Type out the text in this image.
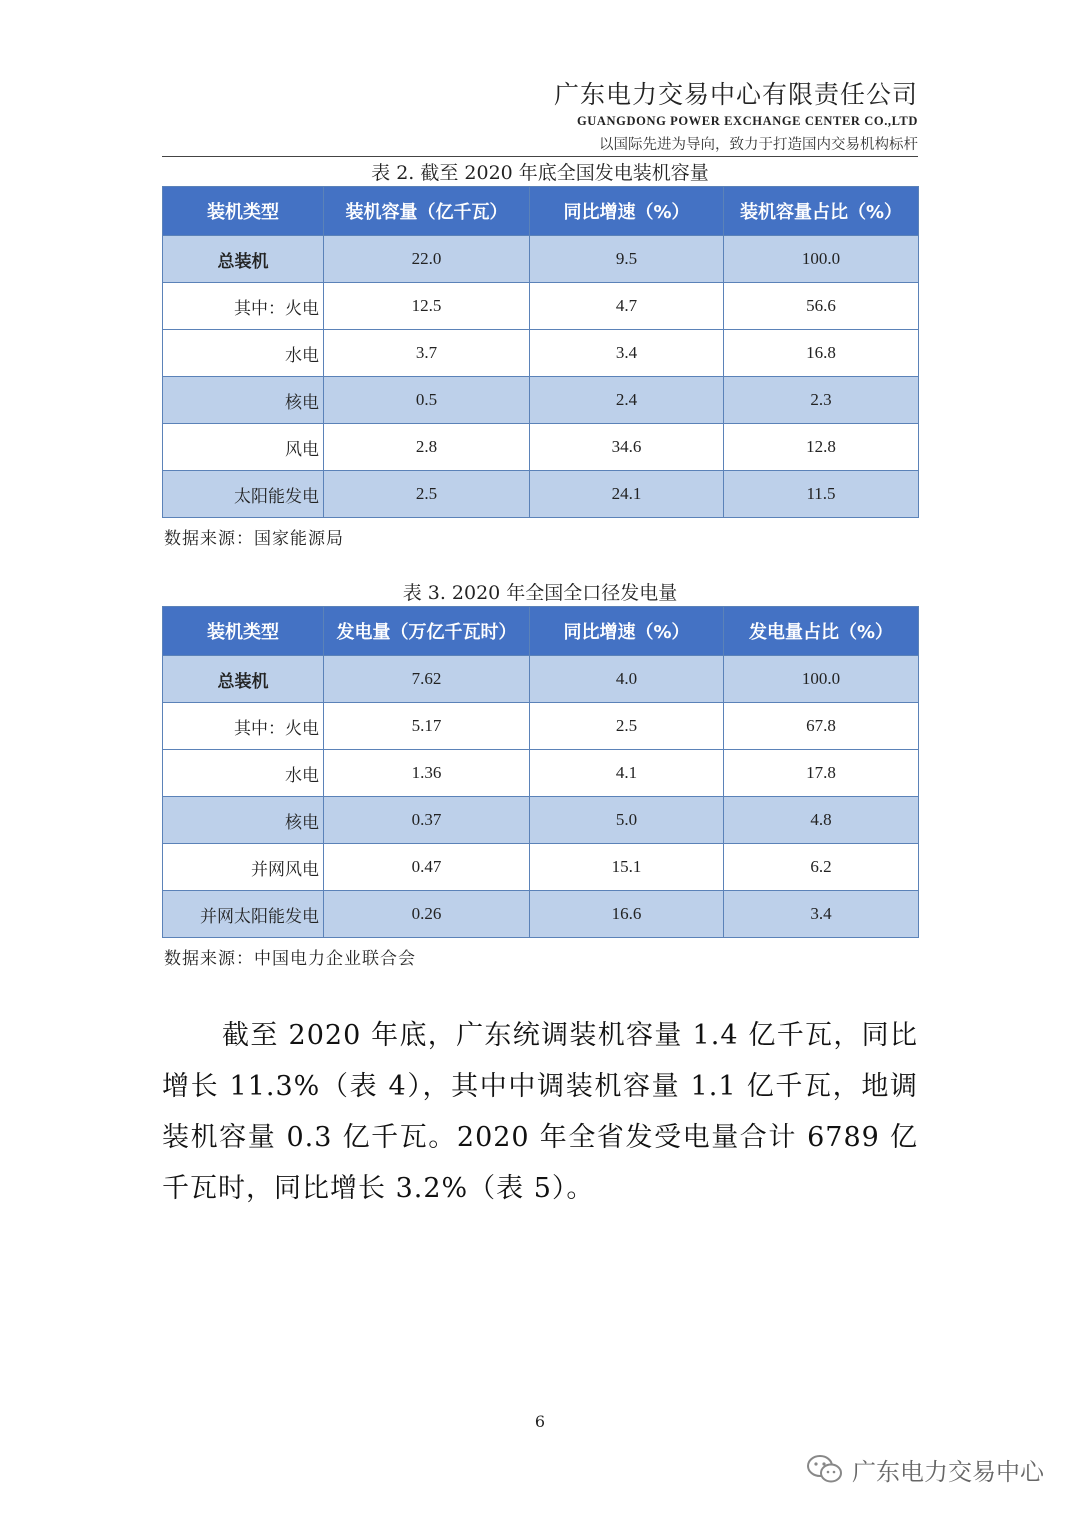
广东电力交易中心有限责任公司
GUANGDONG POWER EXCHANGE CENTER CO.,LTD
以国际先进为导向，致力于打造国内交易机构标杆
表 2. 截至 2020 年底全国发电装机容量
装机类型	装机容量（亿千瓦）	同比增速（%）	装机容量占比（%）
总装机	22.0	9.5	100.0
其中：火电	12.5	4.7	56.6
水电	3.7	3.4	16.8
核电	0.5	2.4	2.3
风电	2.8	34.6	12.8
太阳能发电	2.5	24.1	11.5
数据来源：国家能源局
表 3. 2020 年全国全口径发电量
装机类型	发电量（万亿千瓦时）	同比增速（%）	发电量占比（%）
总装机	7.62	4.0	100.0
其中：火电	5.17	2.5	67.8
水电	1.36	4.1	17.8
核电	0.37	5.0	4.8
并网风电	0.47	15.1	6.2
并网太阳能发电	0.26	16.6	3.4
数据来源：中国电力企业联合会
截至 2020 年底，广东统调装机容量 1.4 亿千瓦，同比增长 11.3%（表 4），其中中调装机容量 1.1 亿千瓦，地调装机容量 0.3 亿千瓦。2020 年全省发受电量合计 6789 亿千瓦时，同比增长 3.2%（表 5）。
6
广东电力交易中心
